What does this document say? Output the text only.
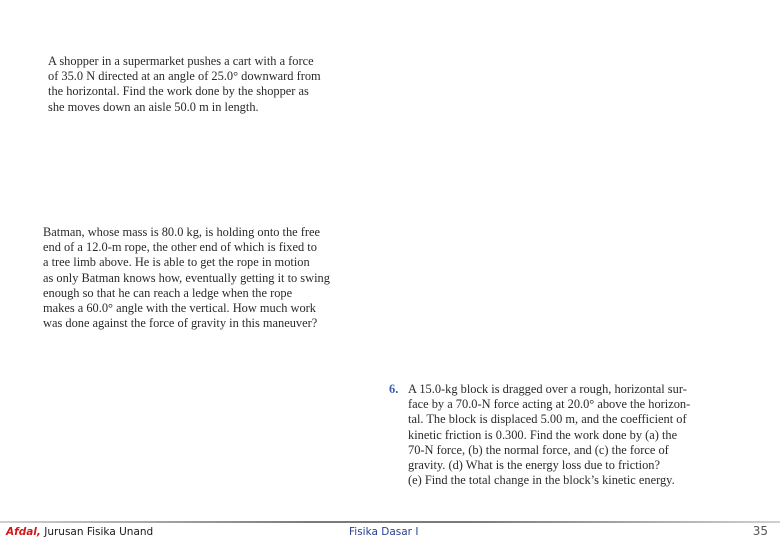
A shopper in a supermarket pushes a cart with a force
of 35.0 N directed at an angle of 25.0° downward from
the horizontal. Find the work done by the shopper as
she moves down an aisle 50.0 m in length.
Batman, whose mass is 80.0 kg, is holding onto the free
end of a 12.0-m rope, the other end of which is fixed to
a tree limb above. He is able to get the rope in motion
as only Batman knows how, eventually getting it to swing
enough so that he can reach a ledge when the rope
makes a 60.0° angle with the vertical. How much work
was done against the force of gravity in this maneuver?
6. A 15.0-kg block is dragged over a rough, horizontal sur-
face by a 70.0-N force acting at 20.0° above the horizon-
tal. The block is displaced 5.00 m, and the coefficient of
kinetic friction is 0.300. Find the work done by (a) the
70-N force, (b) the normal force, and (c) the force of
gravity. (d) What is the energy loss due to friction?
(e) Find the total change in the block’s kinetic energy.
Afdal, Jurusan Fisika Unand	Fisika Dasar I	35
